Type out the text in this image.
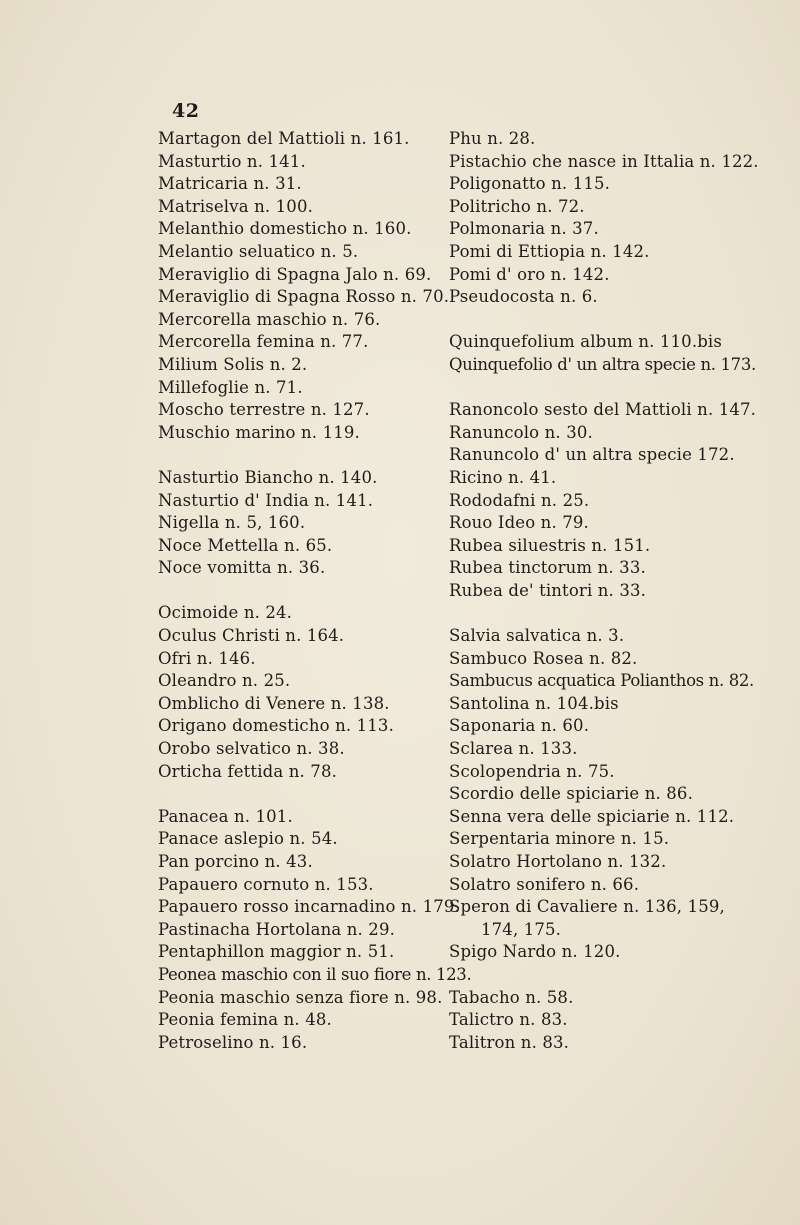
42
Martagon del Mattioli n. 161.
Masturtio n. 141.
Matricaria n. 31.
Matriselva n. 100.
Melanthio domesticho n. 160.
Melantio seluatico n. 5.
Meraviglio di Spagna Jalo n. 69.
Meraviglio di Spagna Rosso n. 70.
Mercorella maschio n. 76.
Mercorella femina n. 77.
Milium Solis n. 2.
Millefoglie n. 71.
Moscho terrestre n. 127.
Muschio marino n. 119.
Nasturtio Biancho n. 140.
Nasturtio d' India n. 141.
Nigella n. 5, 160.
Noce Mettella n. 65.
Noce vomitta n. 36.
Ocimoide n. 24.
Oculus Christi n. 164.
Ofri n. 146.
Oleandro n. 25.
Omblicho di Venere n. 138.
Origano domesticho n. 113.
Orobo selvatico n. 38.
Orticha fettida n. 78.
Panacea n. 101.
Panace aslepio n. 54.
Pan porcino n. 43.
Papauero cornuto n. 153.
Papauero rosso incarnadino n. 179.
Pastinacha Hortolana n. 29.
Pentaphillon maggior n. 51.
Peonea maschio con il suo fiore n. 123.
Peonia maschio senza fiore n. 98.
Peonia femina n. 48.
Petroselino n. 16.
Phu n. 28.
Pistachio che nasce in Ittalia n. 122.
Poligonatto n. 115.
Politricho n. 72.
Polmonaria n. 37.
Pomi di Ettiopia n. 142.
Pomi d' oro n. 142.
Pseudocosta n. 6.
Quinquefolium album n. 110.bis
Quinquefolio d' un altra specie n. 173.
Ranoncolo sesto del Mattioli n. 147.
Ranuncolo n. 30.
Ranuncolo d' un altra specie 172.
Ricino n. 41.
Rododafni n. 25.
Rouo Ideo n. 79.
Rubea siluestris n. 151.
Rubea tinctorum n. 33.
Rubea de' tintori n. 33.
Salvia salvatica n. 3.
Sambuco Rosea n. 82.
Sambucus acquatica Polianthos n. 82.
Santolina n. 104.bis
Saponaria n. 60.
Sclarea n. 133.
Scolopendria n. 75.
Scordio delle spiciarie n. 86.
Senna vera delle spiciarie n. 112.
Serpentaria minore n. 15.
Solatro Hortolano n. 132.
Solatro sonifero n. 66.
Speron di Cavaliere n. 136, 159,
174, 175.
Spigo Nardo n. 120.
Tabacho n. 58.
Talictro n. 83.
Talitron n. 83.
